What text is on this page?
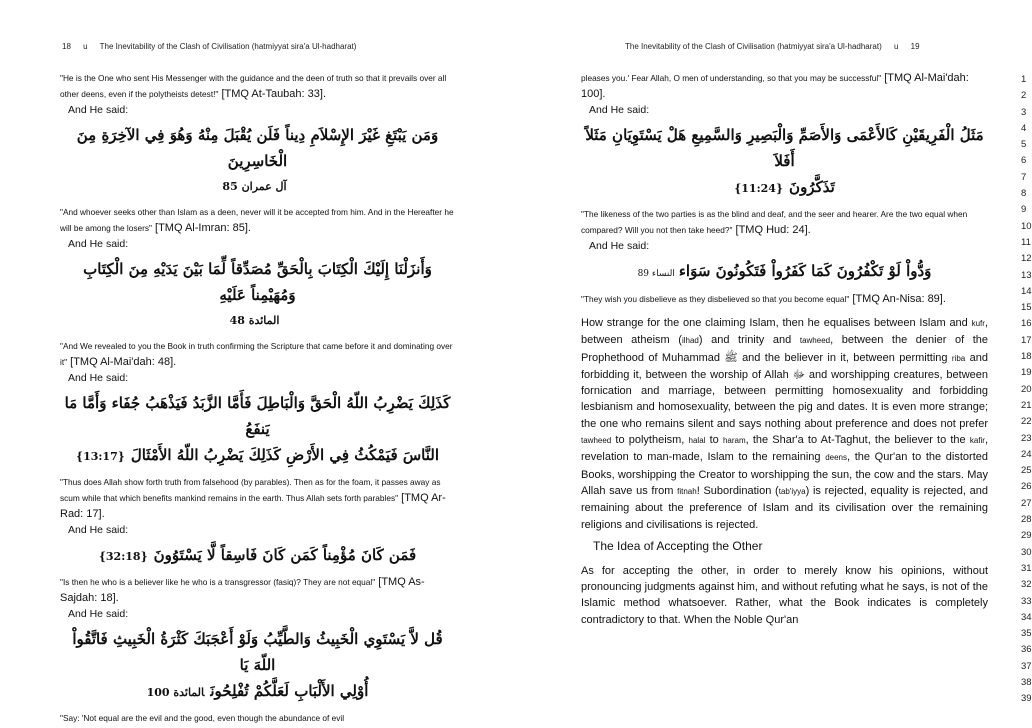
18 u The Inevitability of the Clash of Civilisation (hatmiyyat sira'a Ul-hadharat)

"He is the One who sent His Messenger with the guidance and the deen of truth so that it prevails over all other deens, even if the polytheists detest!" [TMQ At-Taubah: 33].

And He said:

وَمَن يَبْتَغِ غَيْرَ الإِسْلاَمِ دِيناً فَلَن يُقْبَلَ مِنْهُ وَهُوَ فِي الآخِرَةِ مِنَ الْخَاسِرِينَ
آل عمران 85

"And whoever seeks other than Islam as a deen, never will it be accepted from him. And in the Hereafter he will be among the losers" [TMQ Al-Imran: 85].

And He said:

وَأَنزَلْنَا إِلَيْكَ الْكِتَابَ بِالْحَقِّ مُصَدِّقاً لِّمَا بَيْنَ يَدَيْهِ مِنَ الْكِتَابِ وَمُهَيْمِناً عَلَيْهِ
المائدة 48

"And We revealed to you the Book in truth confirming the Scripture that came before it and dominating over it" [TMQ Al-Mai'dah: 48].

And He said:

كَذَلِكَ يَضْرِبُ اللّهُ الْحَقَّ وَالْبَاطِلَ فَأَمَّا الزَّبَدُ فَيَذْهَبُ جُفَاء وَأَمَّا مَا يَنفَعُ
النَّاسَ فَيَمْكُثُ فِي الأَرْضِ كَذَلِكَ يَضْرِبُ اللّهُ الأَمْثَالَ{13:17}

"Thus does Allah show forth truth from falsehood (by parables). Then as for the foam, it passes away as scum while that which benefits mankind remains in the earth. Thus Allah sets forth parables" [TMQ Ar-Rad: 17].

And He said:

فَمَن كَانَ مُؤْمِناً كَمَن كَانَ فَاسِقاً لَّا يَسْتَوُونَ{32:18}

"Is then he who is a believer like he who is a transgressor (fasiq)? They are not equal" [TMQ As-Sajdah: 18].

And He said:

قُل لاَّ يَسْتَوِي الْخَبِيثُ وَالطَّيِّبُ وَلَوْ أَعْجَبَكَ كَثْرَةُ الْخَبِيثِ فَاتَّقُواْ اللّهَ يَا
أُوْلِي الأَلْبَابِ لَعَلَّكُمْ تُفْلِحُونَالمائدة 100

"Say: 'Not equal are the evil and the good, even though the abundance of evil

The Inevitability of the Clash of Civilisation (hatmiyyat sira'a Ul-hadharat) u 19

pleases you.' Fear Allah, O men of understanding, so that you may be successful" [TMQ Al-Mai'dah: 100].

And He said:

مَثَلُ الْفَرِيقَيْنِ كَالأَعْمَى وَالأَصَمِّ وَالْبَصِيرِ وَالسَّمِيعِ هَلْ يَسْتَوِيَانِ مَثَلاً أَفَلاَ
تَذَكَّرُونَ{11:24}

"The likeness of the two parties is as the blind and deaf, and the seer and hearer. Are the two equal when compared? Will you not then take heed?" [TMQ Hud: 24].

And He said:

وَدُّواْ لَوْ تَكْفُرُونَ كَمَا كَفَرُواْ فَتَكُونُونَ سَوَاءالنساء 89

"They wish you disbelieve as they disbelieved so that you become equal" [TMQ An-Nisa: 89].

How strange for the one claiming Islam, then he equalises between Islam and kufr, between atheism (ilhad) and trinity and tawheed, between the denier of the Prophethood of Muhammad ﷺ and the believer in it, between permitting riba and forbidding it, between the worship of Allah ﷻ and worshipping creatures, between fornication and marriage, between permitting homosexuality and forbidding lesbianism and homosexuality, between the pig and dates. It is even more strange; the one who remains silent and says nothing about preference and does not prefer tawheed to polytheism, halal to haram, the Shar'a to At-Taghut, the believer to the kafir, revelation to man-made, Islam to the remaining deens, the Qur'an to the distorted Books, worshipping the Creator to worshipping the sun, the cow and the stars. May Allah save us from fitnah! Subordination (tab'iyya) is rejected, equality is rejected, and remaining about the preference of Islam and its civilisation over the remaining religions and civilisations is rejected.

The Idea of Accepting the Other

As for accepting the other, in order to merely know his opinions, without pronouncing judgments against him, and without refuting what he says, is not of the Islamic method whatsoever. Rather, what the Book indicates is completely contradictory to that. When the Noble Qur'an

1
2
3
4
5
6
7
8
9
10
11
12
13
14
15
16
17
18
19
20
21
22
23
24
25
26
27
28
29
30
31
32
33
34
35
36
37
38
39
